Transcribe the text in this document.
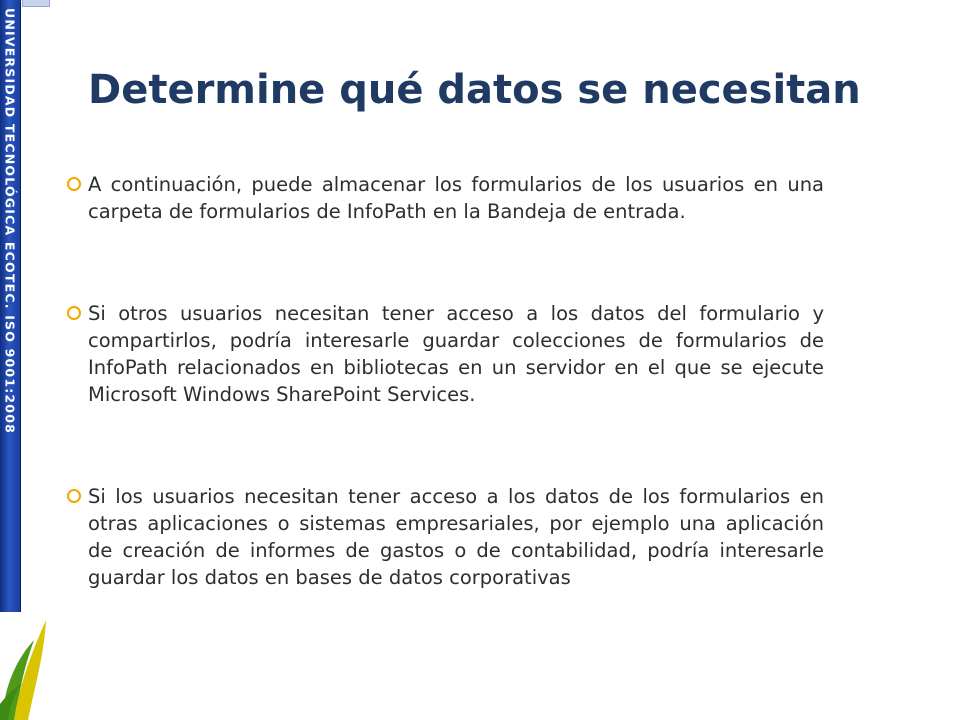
UNIVERSIDAD TECNOLÓGICA ECOTEC. ISO 9001:2008 Determine qué datos se necesitan
A continuación, puede almacenar los formularios de los usuarios en una carpeta de formularios de InfoPath en la Bandeja de entrada.
Si otros usuarios necesitan tener acceso a los datos del formulario y compartirlos, podría interesarle guardar colecciones de formularios de InfoPath relacionados en bibliotecas en un servidor en el que se ejecute Microsoft Windows SharePoint Services.
Si los usuarios necesitan tener acceso a los datos de los formularios en otras aplicaciones o sistemas empresariales, por ejemplo una aplicación de creación de informes de gastos o de contabilidad, podría interesarle guardar los datos en bases de datos corporativas
